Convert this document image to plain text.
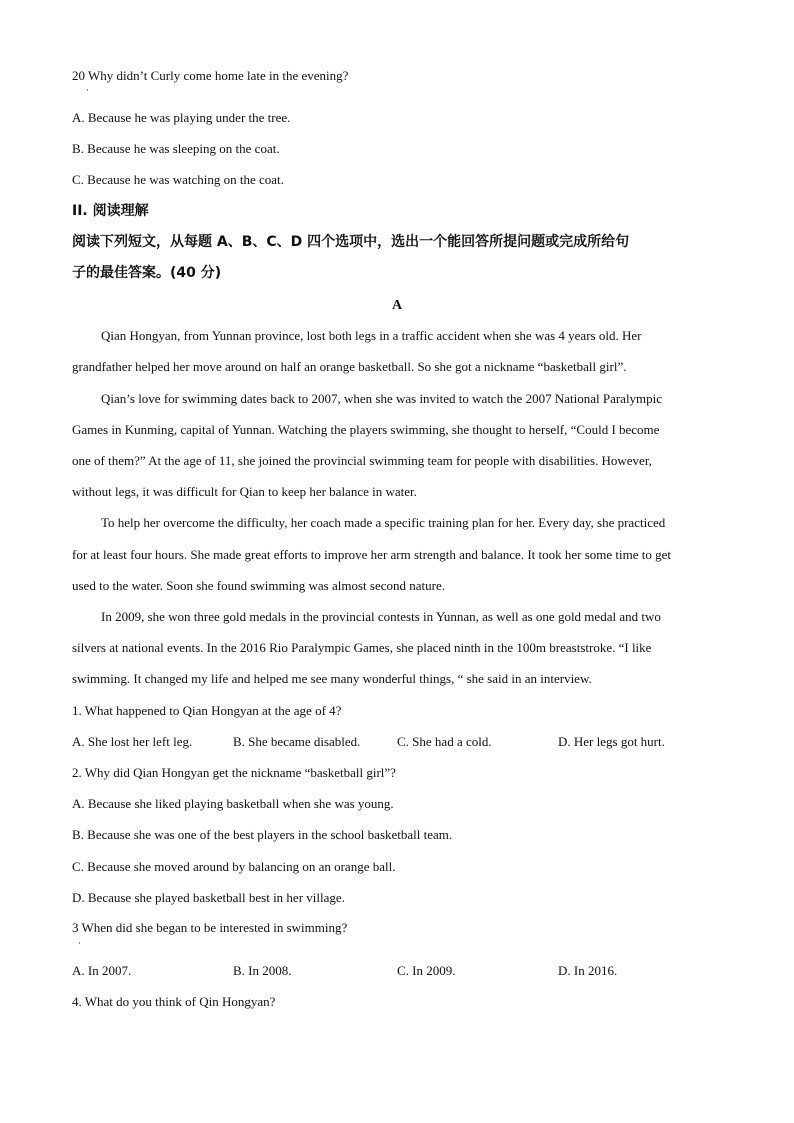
20 Why didn’t Curly come home late in the evening?
·
A. Because he was playing under the tree.
B. Because he was sleeping on the coat.
C. Because he was watching on the coat.
II. 阅读理解
阅读下列短文，从每题 A、B、C、D 四个选项中，选出一个能回答所提问题或完成所给句
子的最佳答案。(40 分)
A
Qian Hongyan, from Yunnan province, lost both legs in a traffic accident when she was 4 years old. Her
grandfather helped her move around on half an orange basketball. So she got a nickname “basketball girl”.
Qian’s love for swimming dates back to 2007, when she was invited to watch the 2007 National Paralympic
Games in Kunming, capital of Yunnan. Watching the players swimming, she thought to herself, “Could I become
one of them?” At the age of 11, she joined the provincial swimming team for people with disabilities. However,
without legs, it was difficult for Qian to keep her balance in water.
To help her overcome the difficulty, her coach made a specific training plan for her. Every day, she practiced
for at least four hours. She made great efforts to improve her arm strength and balance. It took her some time to get
used to the water. Soon she found swimming was almost second nature.
In 2009, she won three gold medals in the provincial contests in Yunnan, as well as one gold medal and two
silvers at national events. In the 2016 Rio Paralympic Games, she placed ninth in the 100m breaststroke. “I like
swimming. It changed my life and helped me see many wonderful things, “ she said in an interview.
1. What happened to Qian Hongyan at the age of 4?
A. She lost her left leg.	B. She became disabled.	C. She had a cold.	D. Her legs got hurt.
2. Why did Qian Hongyan get the nickname “basketball girl”?
A. Because she liked playing basketball when she was young.
B. Because she was one of the best players in the school basketball team.
C. Because she moved around by balancing on an orange ball.
D. Because she played basketball best in her village.
3 When did she began to be interested in swimming?
·
A. In 2007.	B. In 2008.	C. In 2009.	D. In 2016.
4. What do you think of Qin Hongyan?
